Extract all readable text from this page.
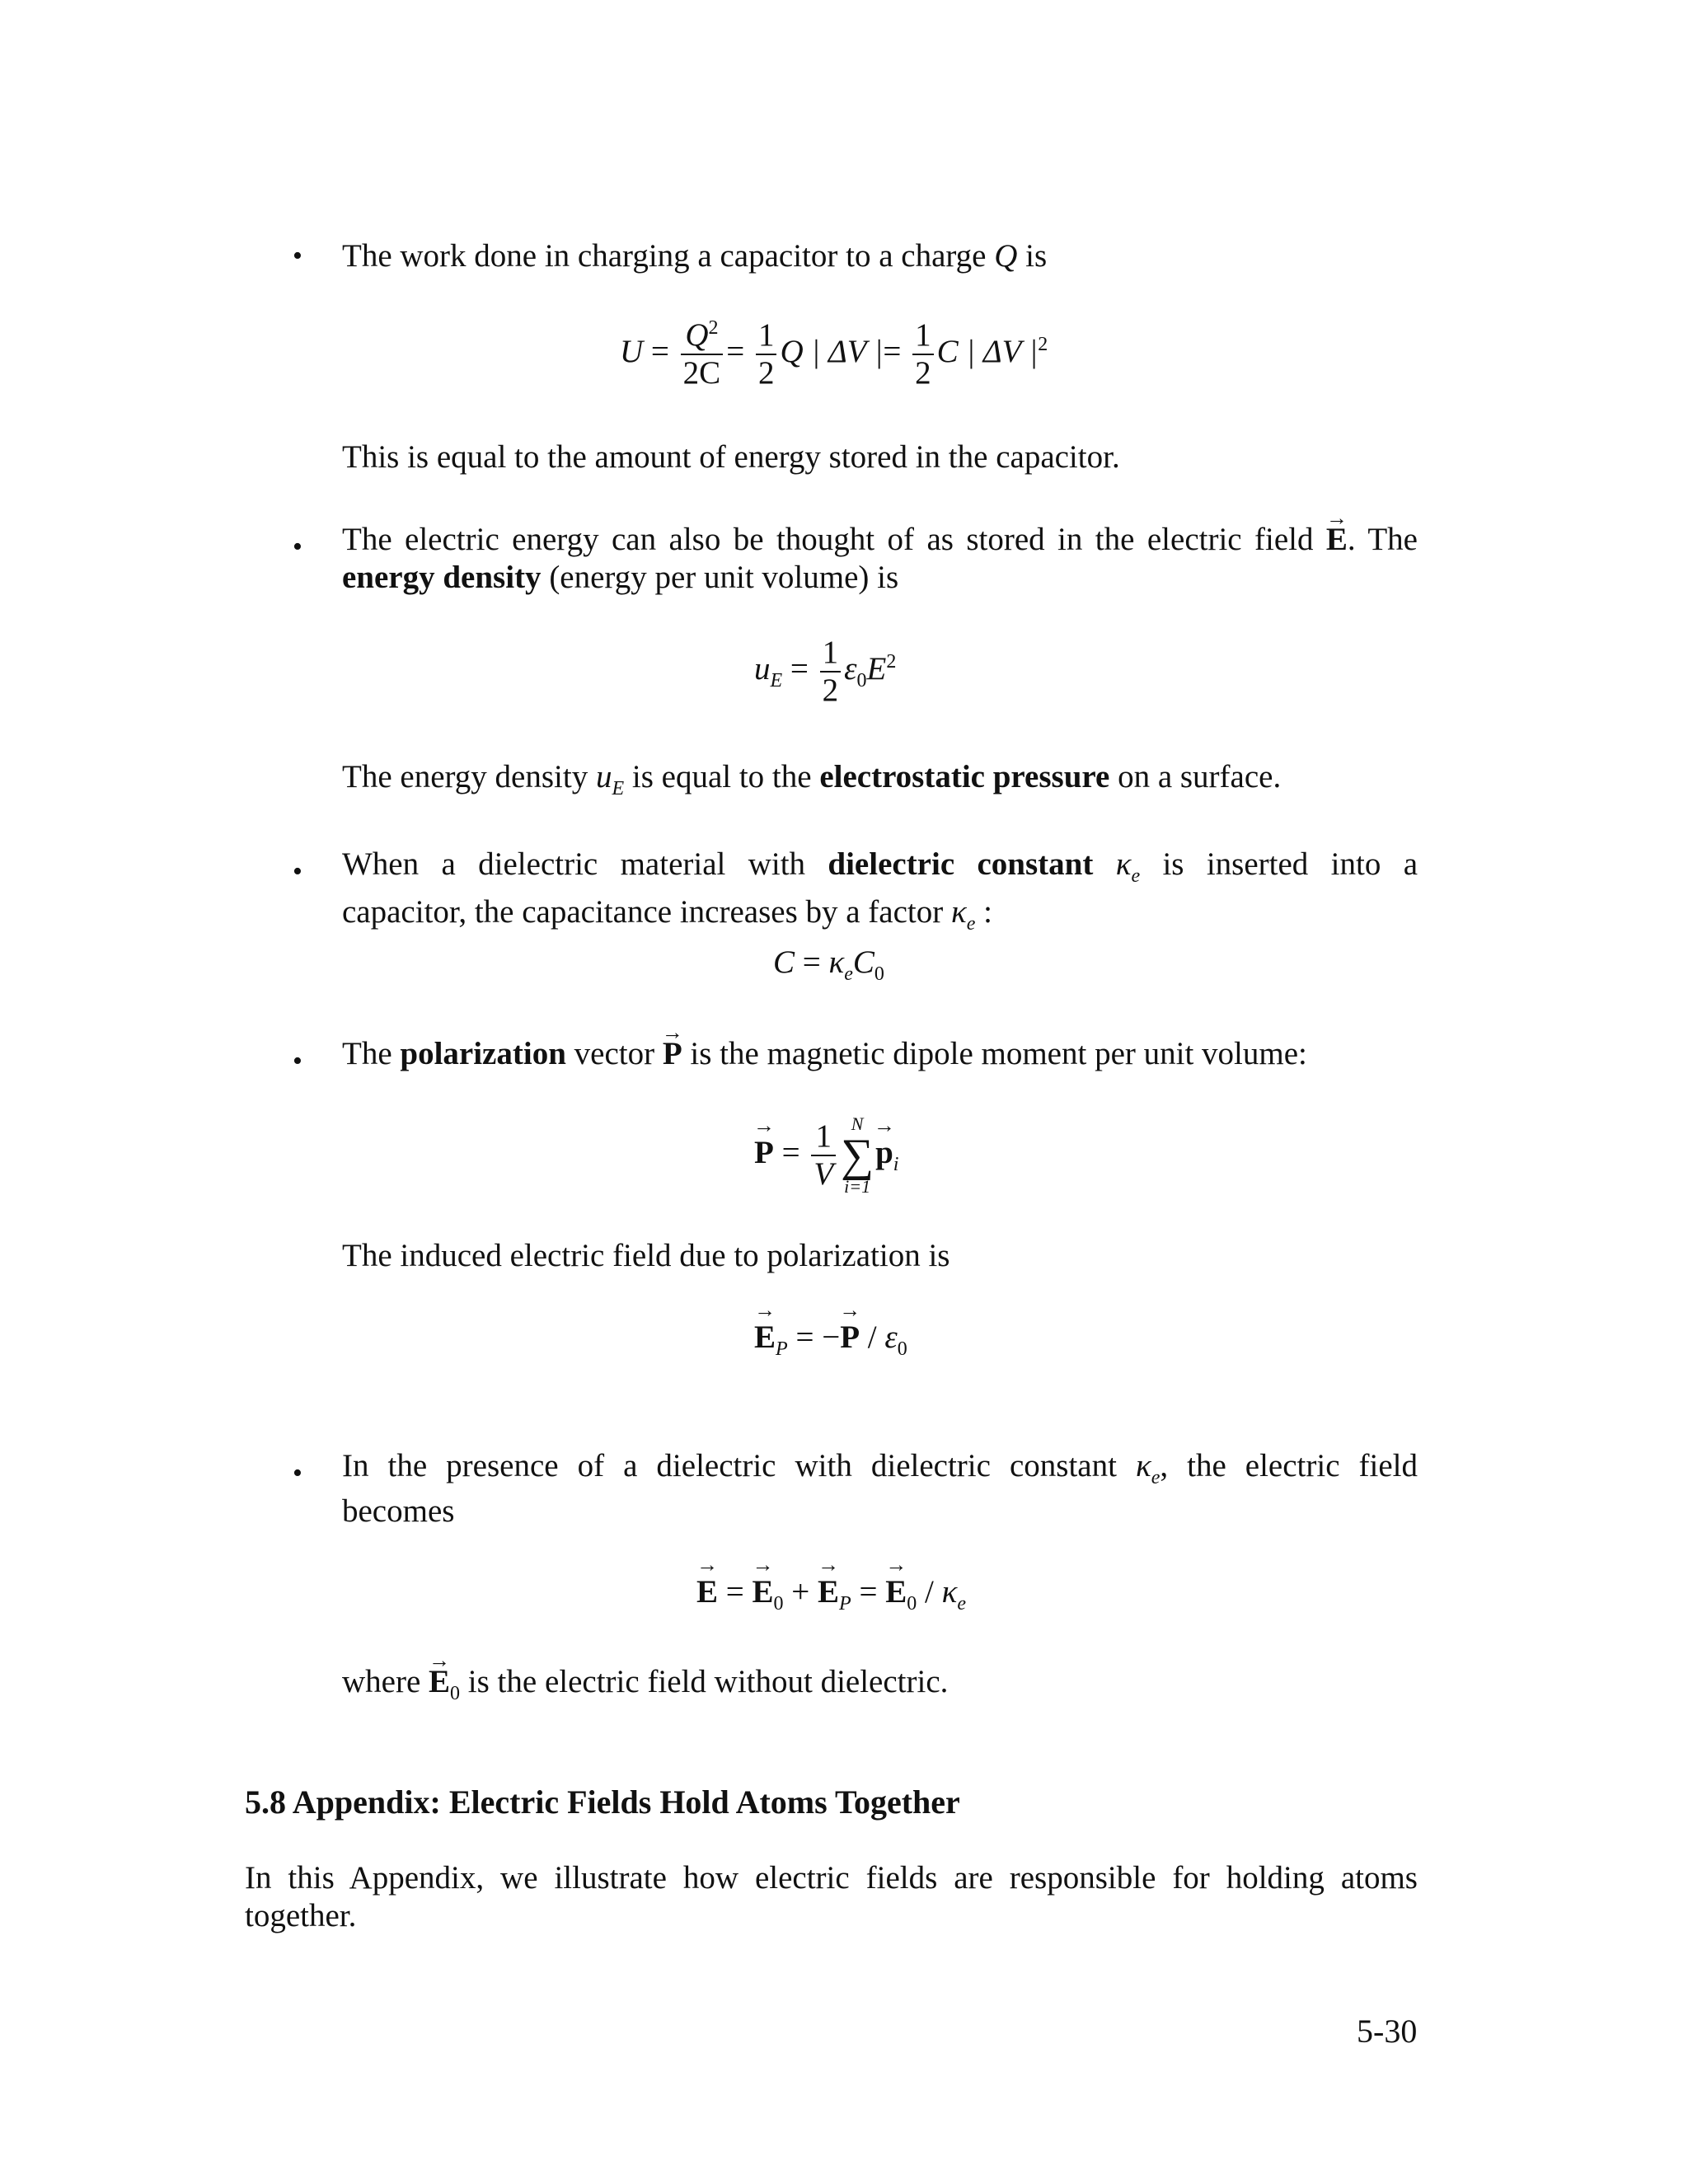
• The work done in charging a capacitor to a charge Q is
$U = \frac{Q^2}{2C} = \frac{1}{2}$ Q | ΔV |= $\frac{1}{2}$ C | ΔV $|^2$
This is equal to the amount of energy stored in the capacitor.
• The electric energy can also be thought of as stored in the electric field → E. The
energy density (energy per unit volume) is
$u_E = \frac{1}{2} \varepsilon_0E^2$
The energy density $u_E$ is equal to the electrostatic pressure on a surface.
• When a dielectric material with dielectric constant $\kappa_e$ is inserted into a
capacitor, the capacitance increases by a factor $\kappa_e$ :
$C = \kappa_eC_0$
• The polarization vector → P is the magnetic dipole moment per unit volume:
→ $P = \frac{1}{V}$ N
∑
i=1
→ $p_i$
The induced electric field due to polarization is
→ $E_P$ = −→ P / $\varepsilon_0$
• In the presence of a dielectric with dielectric constant $\kappa_e$, the electric field
becomes
→ E = → $E_0$ + → $E_P$ = → $E_0 / \kappa_e$
where → $E_0$ is the electric field without dielectric.
5.8 Appendix: Electric Fields Hold Atoms Together
In this Appendix, we illustrate how electric fields are responsible for holding atoms
together.
5-30
